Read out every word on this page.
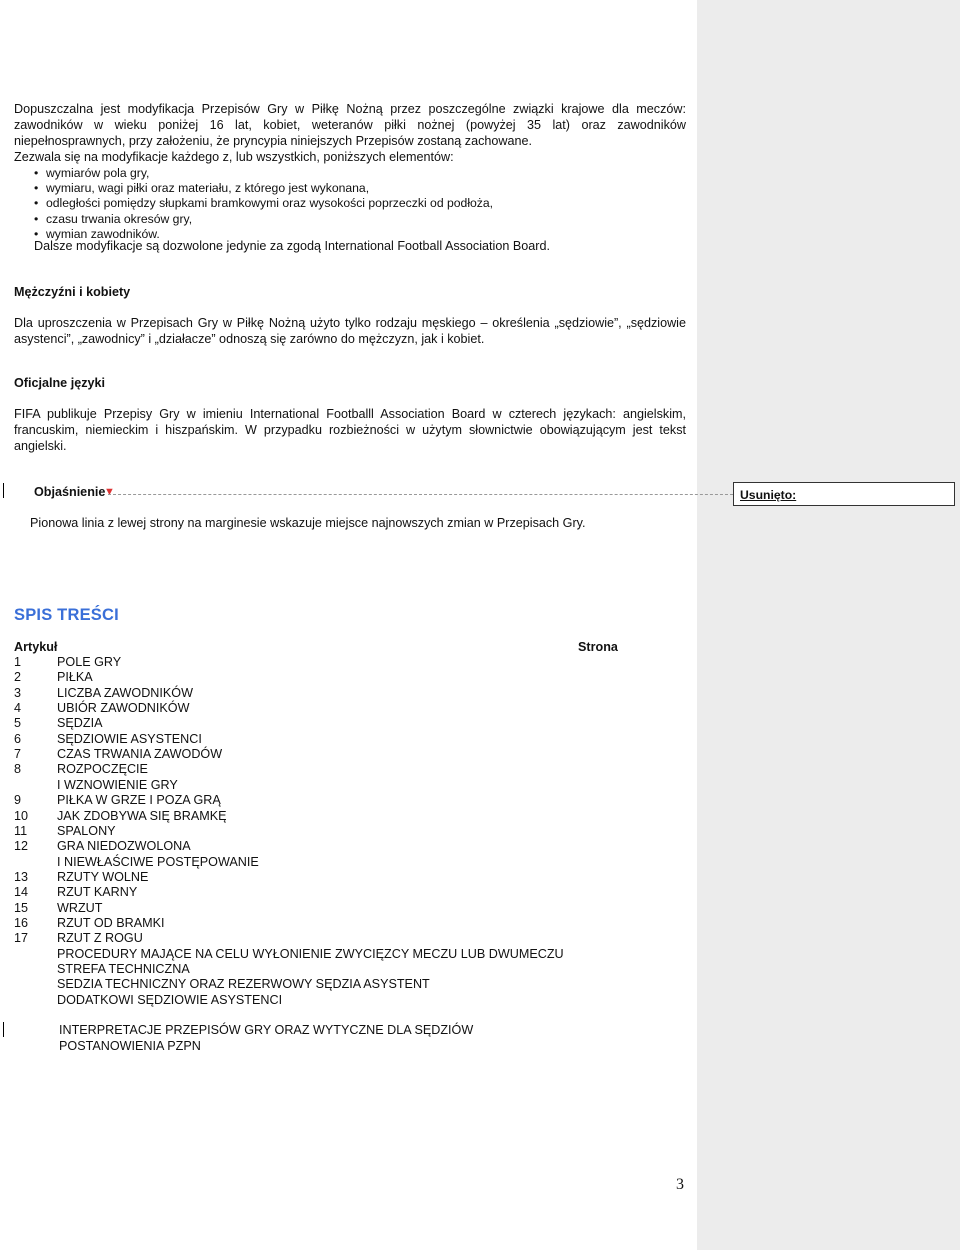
Dopuszczalna jest modyfikacja Przepisów Gry w Piłkę Nożną przez poszczególne związki krajowe dla meczów: zawodników w wieku poniżej 16 lat, kobiet, weteranów piłki nożnej (powyżej 35 lat) oraz zawodników niepełnosprawnych, przy założeniu, że pryncypia niniejszych Przepisów zostaną zachowane.
Zezwala się na modyfikacje każdego z, lub wszystkich, poniższych elementów:
• wymiarów pola gry,
• wymiaru, wagi piłki oraz materiału, z którego jest wykonana,
• odległości pomiędzy słupkami bramkowymi oraz wysokości poprzeczki od podłoża,
• czasu trwania okresów gry,
• wymian zawodników.
Dalsze modyfikacje są dozwolone jedynie za zgodą International Football Association Board.
Mężczyźni i kobiety
Dla uproszczenia w Przepisach Gry w Piłkę Nożną użyto tylko rodzaju męskiego – określenia „sędziowie”, „sędziowie asystenci”, „zawodnicy” i „działacze” odnoszą się zarówno do mężczyzn, jak i kobiet.
Oficjalne języki
FIFA publikuje Przepisy Gry w imieniu International Footballl Association Board w czterech językach: angielskim, francuskim, niemieckim i hiszpańskim. W przypadku rozbieżności w użytym słownictwie obowiązującym jest tekst angielski.
Objaśnienie
▼	Usunięto:
Pionowa linia z lewej strony na marginesie wskazuje miejsce najnowszych zmian w Przepisach Gry.
SPIS TREŚCI
Artykuł	Strona
1	POLE GRY
2	PIŁKA
3	LICZBA ZAWODNIKÓW
4	UBIÓR ZAWODNIKÓW
5	SĘDZIA
6	SĘDZIOWIE ASYSTENCI
7	CZAS TRWANIA ZAWODÓW
8	ROZPOCZĘCIE
I WZNOWIENIE GRY
9	PIŁKA W GRZE I POZA GRĄ
10 JAK ZDOBYWA SIĘ BRAMKĘ
11 SPALONY
12 GRA NIEDOZWOLONA
I NIEWŁAŚCIWE POSTĘPOWANIE
13 RZUTY WOLNE
14 RZUT KARNY
15 WRZUT
16 RZUT OD BRAMKI
17 RZUT Z ROGU
PROCEDURY MAJĄCE NA CELU WYŁONIENIE ZWYCIĘZCY MECZU LUB DWUMECZU
STREFA TECHNICZNA
SEDZIA TECHNICZNY ORAZ REZERWOWY SĘDZIA ASYSTENT
DODATKOWI SĘDZIOWIE ASYSTENCI
INTERPRETACJE PRZEPISÓW GRY ORAZ WYTYCZNE DLA SĘDZIÓW
POSTANOWIENIA PZPN
3
